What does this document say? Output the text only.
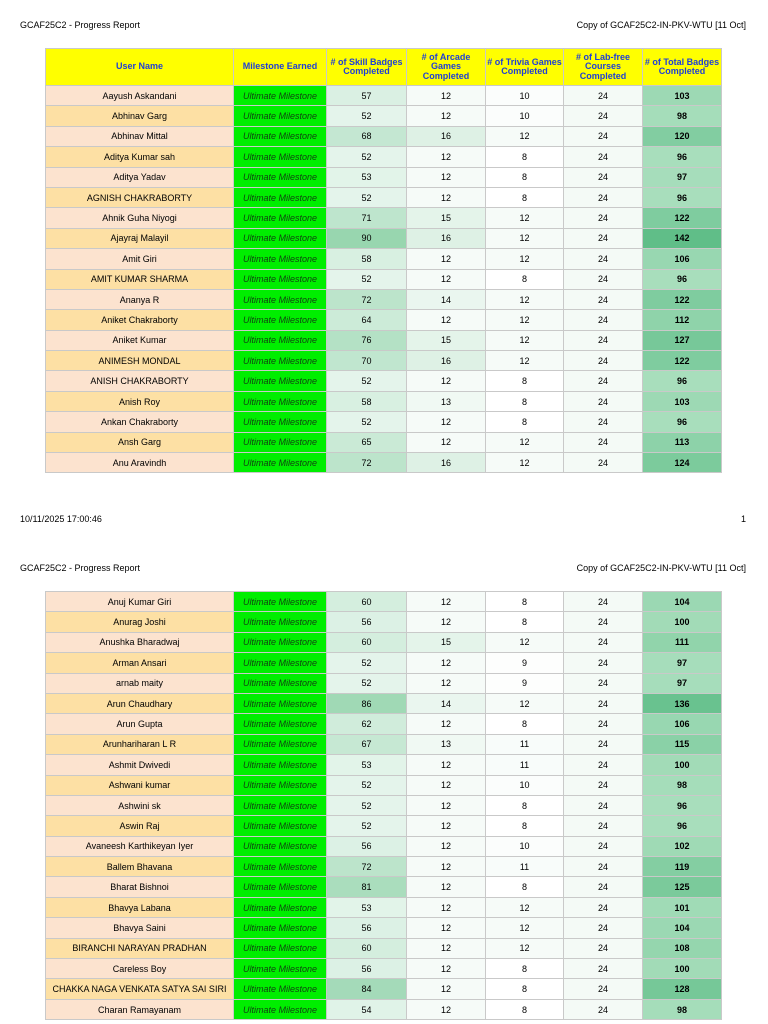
GCAF25C2 - Progress Report	Copy of GCAF25C2-IN-PKV-WTU [11 Oct]
User Name	Milestone Earned	# of Skill Badges Completed	# of Arcade Games Completed	# of Trivia Games Completed	# of Lab-free Courses Completed	# of Total Badges Completed
Aayush Askandani	Ultimate Milestone	57	12	10	24	103
Abhinav Garg	Ultimate Milestone	52	12	10	24	98
Abhinav Mittal	Ultimate Milestone	68	16	12	24	120
Aditya Kumar sah	Ultimate Milestone	52	12	8	24	96
Aditya Yadav	Ultimate Milestone	53	12	8	24	97
AGNISH CHAKRABORTY	Ultimate Milestone	52	12	8	24	96
Ahnik Guha Niyogi	Ultimate Milestone	71	15	12	24	122
Ajayraj Malayil	Ultimate Milestone	90	16	12	24	142
Amit Giri	Ultimate Milestone	58	12	12	24	106
AMIT KUMAR SHARMA	Ultimate Milestone	52	12	8	24	96
Ananya R	Ultimate Milestone	72	14	12	24	122
Aniket Chakraborty	Ultimate Milestone	64	12	12	24	112
Aniket Kumar	Ultimate Milestone	76	15	12	24	127
ANIMESH MONDAL	Ultimate Milestone	70	16	12	24	122
ANISH CHAKRABORTY	Ultimate Milestone	52	12	8	24	96
Anish Roy	Ultimate Milestone	58	13	8	24	103
Ankan Chakraborty	Ultimate Milestone	52	12	8	24	96
Ansh Garg	Ultimate Milestone	65	12	12	24	113
Anu Aravindh	Ultimate Milestone	72	16	12	24	124
10/11/2025 17:00:46	1
GCAF25C2 - Progress Report	Copy of GCAF25C2-IN-PKV-WTU [11 Oct]
Anuj Kumar Giri	Ultimate Milestone	60	12	8	24	104
Anurag Joshi	Ultimate Milestone	56	12	8	24	100
Anushka Bharadwaj	Ultimate Milestone	60	15	12	24	111
Arman Ansari	Ultimate Milestone	52	12	9	24	97
arnab maity	Ultimate Milestone	52	12	9	24	97
Arun Chaudhary	Ultimate Milestone	86	14	12	24	136
Arun Gupta	Ultimate Milestone	62	12	8	24	106
Arunhariharan L R	Ultimate Milestone	67	13	11	24	115
Ashmit Dwivedi	Ultimate Milestone	53	12	11	24	100
Ashwani kumar	Ultimate Milestone	52	12	10	24	98
Ashwini sk	Ultimate Milestone	52	12	8	24	96
Aswin Raj	Ultimate Milestone	52	12	8	24	96
Avaneesh Karthikeyan Iyer	Ultimate Milestone	56	12	10	24	102
Ballem Bhavana	Ultimate Milestone	72	12	11	24	119
Bharat Bishnoi	Ultimate Milestone	81	12	8	24	125
Bhavya Labana	Ultimate Milestone	53	12	12	24	101
Bhavya Saini	Ultimate Milestone	56	12	12	24	104
BIRANCHI NARAYAN PRADHAN	Ultimate Milestone	60	12	12	24	108
Careless Boy	Ultimate Milestone	56	12	8	24	100
CHAKKA NAGA VENKATA SATYA SAI SIRI	Ultimate Milestone	84	12	8	24	128
Charan Ramayanam	Ultimate Milestone	54	12	8	24	98
